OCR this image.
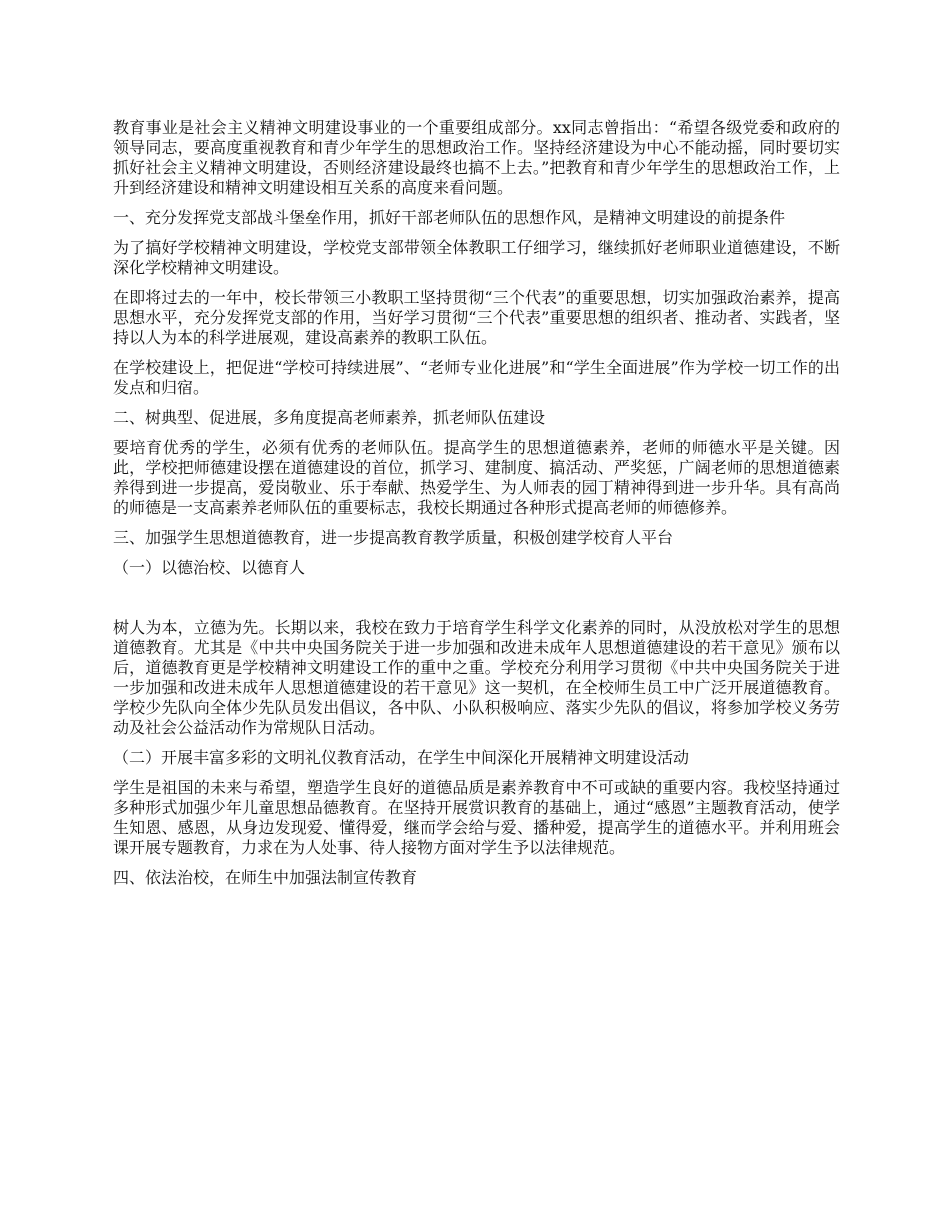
教育事业是社会主义精神文明建设事业的一个重要组成部分。xx同志曾指出：“希望各级党委和政府的领导同志，要高度重视教育和青少年学生的思想政治工作。坚持经济建设为中心不能动摇，同时要切实抓好社会主义精神文明建设，否则经济建设最终也搞不上去。”把教育和青少年学生的思想政治工作，上升到经济建设和精神文明建设相互关系的高度来看问题。

一、充分发挥党支部战斗堡垒作用，抓好干部老师队伍的思想作风，是精神文明建设的前提条件

为了搞好学校精神文明建设，学校党支部带领全体教职工仔细学习，继续抓好老师职业道德建设，不断深化学校精神文明建设。

在即将过去的一年中，校长带领三小教职工坚持贯彻“三个代表”的重要思想，切实加强政治素养，提高思想水平，充分发挥党支部的作用，当好学习贯彻“三个代表”重要思想的组织者、推动者、实践者，坚持以人为本的科学进展观，建设高素养的教职工队伍。

在学校建设上，把促进“学校可持续进展”、“老师专业化进展”和“学生全面进展”作为学校一切工作的出发点和归宿。

二、树典型、促进展，多角度提高老师素养，抓老师队伍建设

要培育优秀的学生，必须有优秀的老师队伍。提高学生的思想道德素养，老师的师德水平是关键。因此，学校把师德建设摆在道德建设的首位，抓学习、建制度、搞活动、严奖惩，广阔老师的思想道德素养得到进一步提高，爱岗敬业、乐于奉献、热爱学生、为人师表的园丁精神得到进一步升华。具有高尚的师德是一支高素养老师队伍的重要标志，我校长期通过各种形式提高老师的师德修养。

三、加强学生思想道德教育，进一步提高教育教学质量，积极创建学校育人平台

（一）以德治校、以德育人

树人为本，立德为先。长期以来，我校在致力于培育学生科学文化素养的同时，从没放松对学生的思想道德教育。尤其是《中共中央国务院关于进一步加强和改进未成年人思想道德建设的若干意见》颁布以后，道德教育更是学校精神文明建设工作的重中之重。学校充分利用学习贯彻《中共中央国务院关于进一步加强和改进未成年人思想道德建设的若干意见》这一契机，在全校师生员工中广泛开展道德教育。学校少先队向全体少先队员发出倡议，各中队、小队积极响应、落实少先队的倡议，将参加学校义务劳动及社会公益活动作为常规队日活动。

（二）开展丰富多彩的文明礼仪教育活动，在学生中间深化开展精神文明建设活动

学生是祖国的未来与希望，塑造学生良好的道德品质是素养教育中不可或缺的重要内容。我校坚持通过多种形式加强少年儿童思想品德教育。在坚持开展赏识教育的基础上，通过“感恩”主题教育活动，使学生知恩、感恩，从身边发现爱、懂得爱，继而学会给与爱、播种爱，提高学生的道德水平。并利用班会课开展专题教育，力求在为人处事、待人接物方面对学生予以法律规范。

四、依法治校，在师生中加强法制宣传教育
